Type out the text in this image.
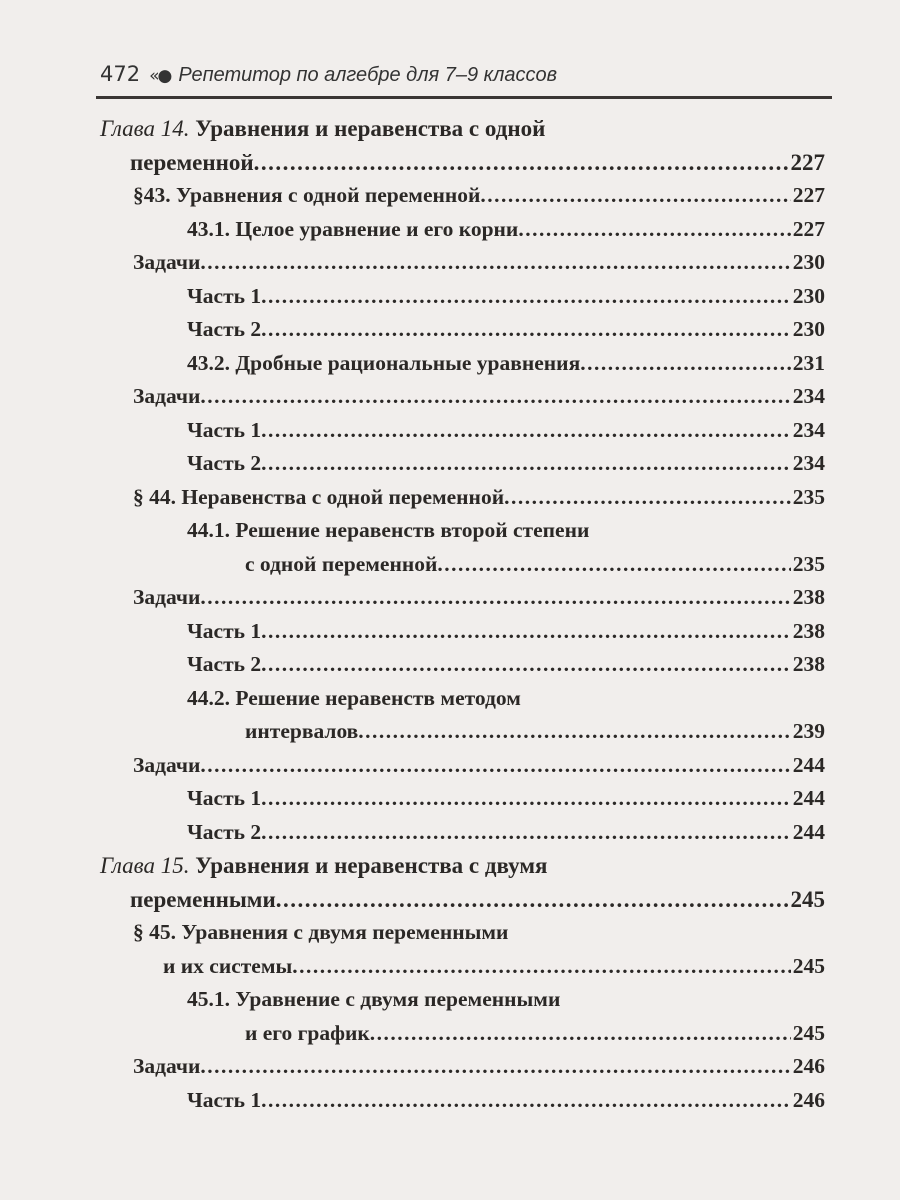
472 «● Репетитор по алгебре для 7–9 классов
Глава 14. Уравнения и неравенства с одной
переменной .....	227
§43. Уравнения с одной переменной .....	227
43.1. Целое уравнение и его корни .....	227
Задачи .....	230
Часть 1 .....	230
Часть 2 .....	230
43.2. Дробные рациональные уравнения .....	231
Задачи .....	234
Часть 1 .....	234
Часть 2 .....	234
§ 44. Неравенства с одной переменной .....	235
44.1. Решение неравенств второй степени
с одной переменной .....	235
Задачи .....	238
Часть 1 .....	238
Часть 2 .....	238
44.2. Решение неравенств методом
интервалов .....	239
Задачи .....	244
Часть 1 .....	244
Часть 2 .....	244
Глава 15. Уравнения и неравенства с двумя
переменными .....	245
§ 45. Уравнения с двумя переменными
и их системы .....	245
45.1. Уравнение с двумя переменными
и его график .....	245
Задачи .....	246
Часть 1 .....	246
